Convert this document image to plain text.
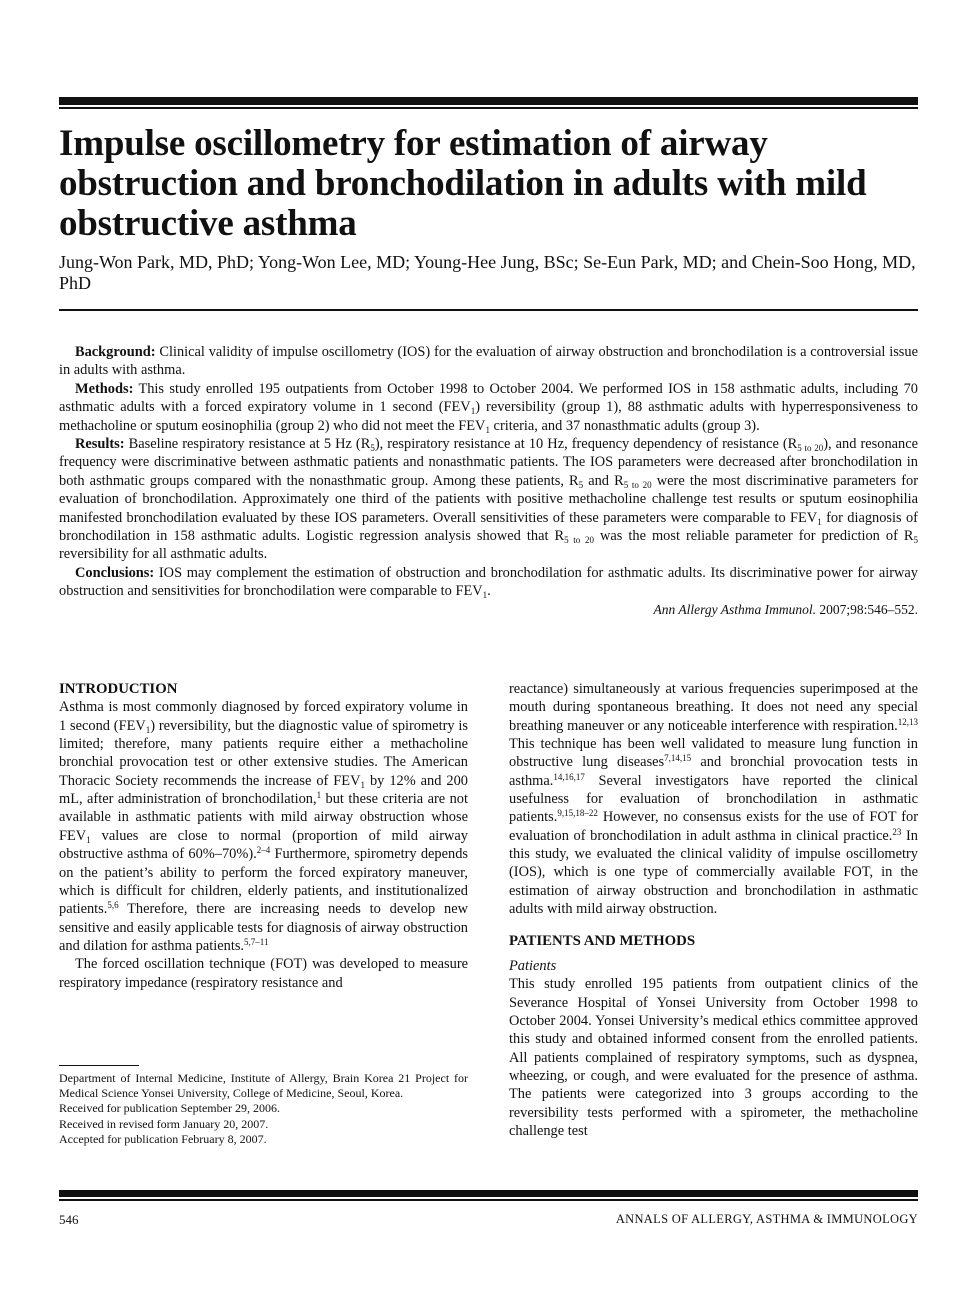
Impulse oscillometry for estimation of airway obstruction and bronchodilation in adults with mild obstructive asthma

Jung-Won Park, MD, PhD; Yong-Won Lee, MD; Young-Hee Jung, BSc; Se-Eun Park, MD; and Chein-Soo Hong, MD, PhD

Background: Clinical validity of impulse oscillometry (IOS) for the evaluation of airway obstruction and bronchodilation is a controversial issue in adults with asthma.

Methods: This study enrolled 195 outpatients from October 1998 to October 2004. We performed IOS in 158 asthmatic adults, including 70 asthmatic adults with a forced expiratory volume in 1 second $(FEV_1)$ reversibility (group 1), 88 asthmatic adults with hyperresponsiveness to methacholine or sputum eosinophilia (group 2) who did not meet the $FEV_1$ criteria, and 37 nonasthmatic adults (group 3).

Results: Baseline respiratory resistance at 5 Hz $(R_5)$, respiratory resistance at 10 Hz, frequency dependency of resistance $(R_{5 to 20})$, and resonance frequency were discriminative between asthmatic patients and nonasthmatic patients. The IOS parameters were decreased after bronchodilation in both asthmatic groups compared with the nonasthmatic group. Among these patients, $R_5$ and $R_{5 to 20}$ were the most discriminative parameters for evaluation of bronchodilation. Approximately one third of the patients with positive methacholine challenge test results or sputum eosinophilia manifested bronchodilation evaluated by these IOS parameters. Overall sensitivities of these parameters were comparable to $FEV_1$ for diagnosis of bronchodilation in 158 asthmatic adults. Logistic regression analysis showed that $R_{5 to 20}$ was the most reliable parameter for prediction of $R_5$ reversibility for all asthmatic adults.

Conclusions: IOS may complement the estimation of obstruction and bronchodilation for asthmatic adults. Its discriminative power for airway obstruction and sensitivities for bronchodilation were comparable to $FEV_1$.

Ann Allergy Asthma Immunol. 2007;98:546–552.

INTRODUCTION

Asthma is most commonly diagnosed by forced expiratory volume in 1 second $(FEV_1)$ reversibility, but the diagnostic value of spirometry is limited; therefore, many patients require either a methacholine bronchial provocation test or other extensive studies. The American Thoracic Society recommends the increase of $FEV_1$ by 12% and 200 mL, after administration of bronchodilation,$^1$ but these criteria are not available in asthmatic patients with mild airway obstruction whose $FEV_1$ values are close to normal (proportion of mild airway obstructive asthma of 60%–70%).$^{2-4}$ Furthermore, spirometry depends on the patient’s ability to perform the forced expiratory maneuver, which is difficult for children, elderly patients, and institutionalized patients.$^{5,6}$ Therefore, there are increasing needs to develop new sensitive and easily applicable tests for diagnosis of airway obstruction and dilation for asthma patients.$^{5,7-11}$

The forced oscillation technique (FOT) was developed to measure respiratory impedance (respiratory resistance and

Department of Internal Medicine, Institute of Allergy, Brain Korea 21 Project for Medical Science Yonsei University, College of Medicine, Seoul, Korea.

Received for publication September 29, 2006.

Received in revised form January 20, 2007.

Accepted for publication February 8, 2007.

reactance) simultaneously at various frequencies superimposed at the mouth during spontaneous breathing. It does not need any special breathing maneuver or any noticeable interference with respiration.$^{12,13}$ This technique has been well validated to measure lung function in obstructive lung diseases$^{7,14,15}$ and bronchial provocation tests in asthma.$^{14,16,17}$ Several investigators have reported the clinical usefulness for evaluation of bronchodilation in asthmatic patients.$^{9,15,18-22}$ However, no consensus exists for the use of FOT for evaluation of bronchodilation in adult asthma in clinical practice.$^{23}$ In this study, we evaluated the clinical validity of impulse oscillometry (IOS), which is one type of commercially available FOT, in the estimation of airway obstruction and bronchodilation in asthmatic adults with mild airway obstruction.

PATIENTS AND METHODS

Patients

This study enrolled 195 patients from outpatient clinics of the Severance Hospital of Yonsei University from October 1998 to October 2004. Yonsei University’s medical ethics committee approved this study and obtained informed consent from the enrolled patients. All patients complained of respiratory symptoms, such as dyspnea, wheezing, or cough, and were evaluated for the presence of asthma. The patients were categorized into 3 groups according to the reversibility tests performed with a spirometer, the methacholine challenge test

546	ANNALS OF ALLERGY, ASTHMA & IMMUNOLOGY
